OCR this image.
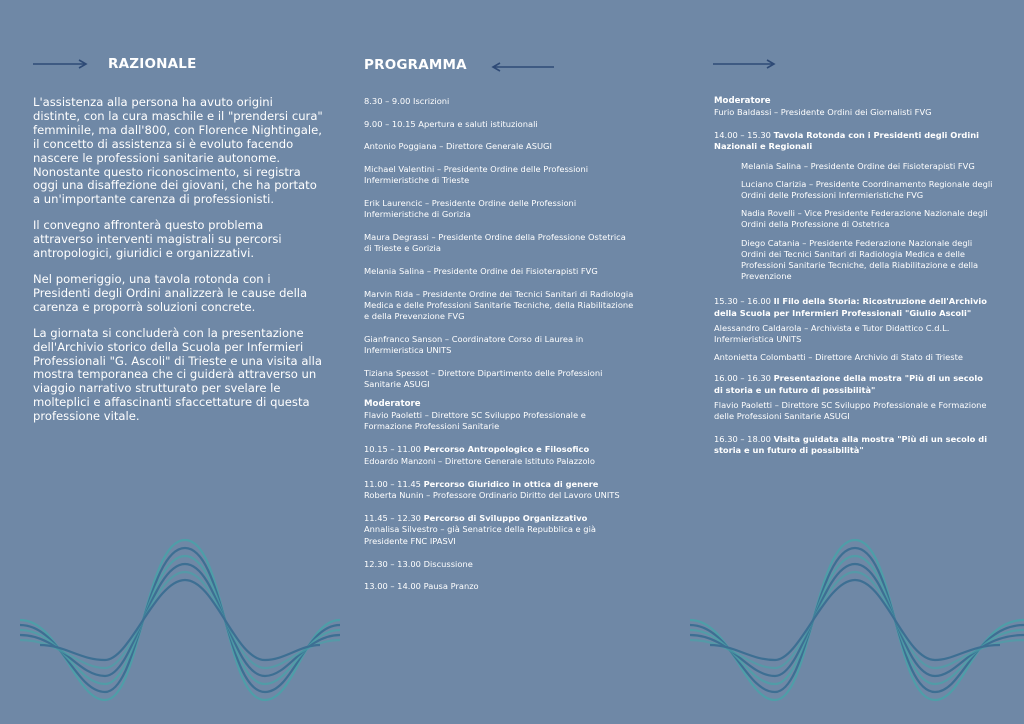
RAZIONALE

L'assistenza alla persona ha avuto origini distinte, con la cura maschile e il "prendersi cura" femminile, ma dall'800, con Florence Nightingale, il concetto di assistenza si è evoluto facendo nascere le professioni sanitarie autonome. Nonostante questo riconoscimento, si registra oggi una disaffezione dei giovani, che ha portato a un'importante carenza di professionisti.

Il convegno affronterà questo problema attraverso interventi magistrali su percorsi antropologici, giuridici e organizzativi.

Nel pomeriggio, una tavola rotonda con i Presidenti degli Ordini analizzerà le cause della carenza e proporrà soluzioni concrete.

La giornata si concluderà con la presentazione dell'Archivio storico della Scuola per Infermieri Professionali "G. Ascoli" di Trieste e una visita alla mostra temporanea che ci guiderà attraverso un viaggio narrativo strutturato per svelare le molteplici e affascinanti sfaccettature di questa professione vitale.

PROGRAMMA
8.30 – 9.00 Iscrizioni
9.00 – 10.15 Apertura e saluti istituzionali
Antonio Poggiana – Direttore Generale ASUGI
Michael Valentini – Presidente Ordine delle Professioni Infermieristiche di Trieste
Erik Laurencic – Presidente Ordine delle Professioni Infermieristiche di Gorizia
Maura Degrassi – Presidente Ordine della Professione Ostetrica di Trieste e Gorizia
Melania Salina – Presidente Ordine dei Fisioterapisti FVG
Marvin Rida – Presidente Ordine dei Tecnici Sanitari di Radiologia Medica e delle Professioni Sanitarie Tecniche, della Riabilitazione e della Prevenzione FVG
Gianfranco Sanson – Coordinatore Corso di Laurea in Infermieristica UNITS
Tiziana Spessot – Direttore Dipartimento delle Professioni Sanitarie ASUGI
Moderatore
Flavio Paoletti – Direttore SC Sviluppo Professionale e Formazione Professioni Sanitarie
10.15 – 11.00 Percorso Antropologico e Filosofico
Edoardo Manzoni – Direttore Generale Istituto Palazzolo
11.00 – 11.45 Percorso Giuridico in ottica di genere
Roberta Nunin – Professore Ordinario Diritto del Lavoro UNITS
11.45 – 12.30 Percorso di Sviluppo Organizzativo
Annalisa Silvestro – già Senatrice della Repubblica e già Presidente FNC IPASVI
12.30 – 13.00 Discussione
13.00 – 14.00 Pausa Pranzo
Moderatore
Furio Baldassi – Presidente Ordini dei Giornalisti FVG
14.00 – 15.30 Tavola Rotonda con i Presidenti degli Ordini Nazionali e Regionali
Melania Salina – Presidente Ordine dei Fisioterapisti FVG
Luciano Clarizia – Presidente Coordinamento Regionale degli Ordini delle Professioni Infermieristiche FVG
Nadia Rovelli – Vice Presidente Federazione Nazionale degli Ordini della Professione di Ostetrica
Diego Catania – Presidente Federazione Nazionale degli Ordini dei Tecnici Sanitari di Radiologia Medica e delle Professioni Sanitarie Tecniche, della Riabilitazione e della Prevenzione
15.30 – 16.00 Il Filo della Storia: Ricostruzione dell'Archivio della Scuola per Infermieri Professionali "Giulio Ascoli"
Alessandro Caldarola – Archivista e Tutor Didattico C.d.L. Infermieristica UNITS
Antonietta Colombatti – Direttore Archivio di Stato di Trieste
16.00 – 16.30 Presentazione della mostra "Più di un secolo di storia e un futuro di possibilità"
Flavio Paoletti – Direttore SC Sviluppo Professionale e Formazione delle Professioni Sanitarie ASUGI
16.30 – 18.00 Visita guidata alla mostra "Più di un secolo di storia e un futuro di possibilità"
